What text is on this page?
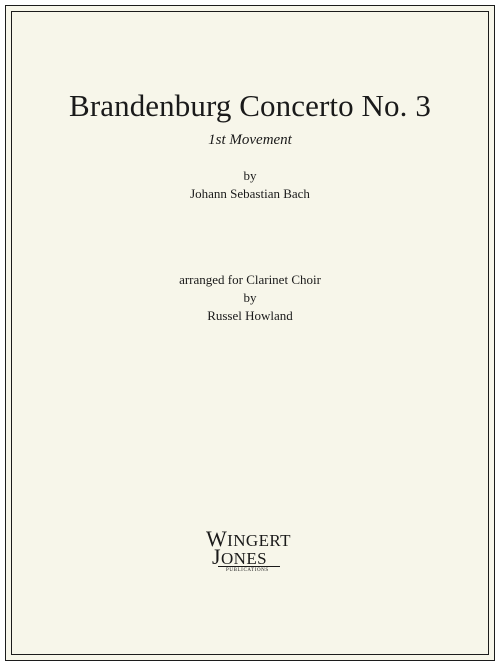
Brandenburg Concerto No. 3
1st Movement
by
Johann Sebastian Bach
arranged for Clarinet Choir
by
Russel Howland
WINGERT
JONES
PUBLICATIONS
